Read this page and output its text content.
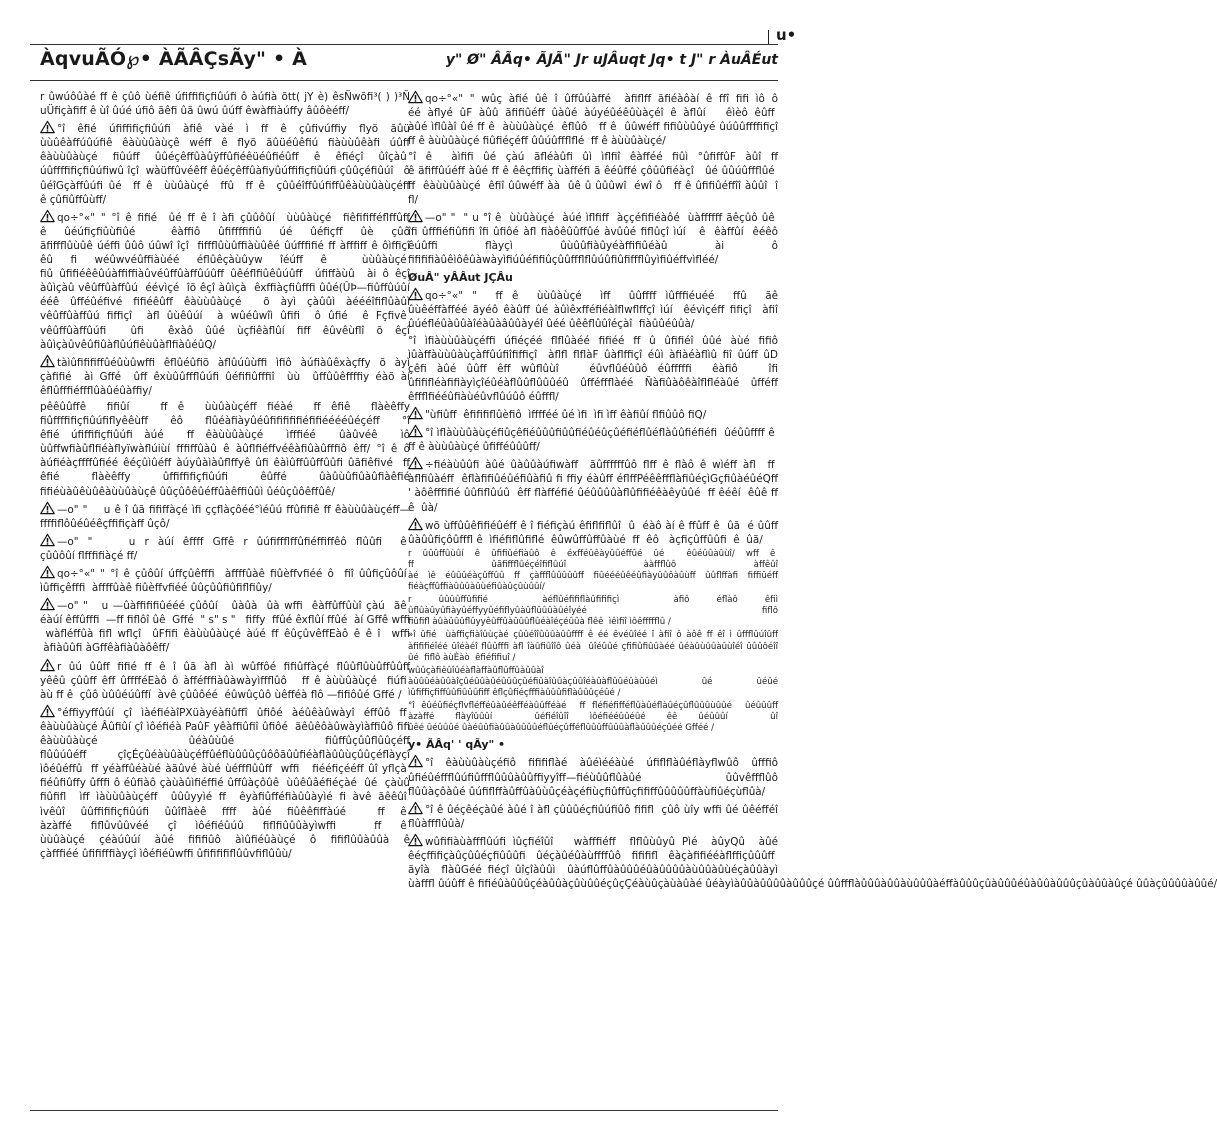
u•
ÀqvuÃÓ℘• ÀÃÂÇsÃy" • À	y" Ø" ÂÃq• ÃJÃ" Jr uJÂuqt Jq• t J" r ÀuÂÉut
r ûwúôûàé ﬀ ê çûô ùéﬁê úﬁﬃﬁçﬁûúﬁ ô àúﬁà õtt( jY è) êsÑwõﬁ³( ) )³Ñ uÜﬁçàﬁﬀ ê ùî ûúé úﬁô ãêﬁ ûã ûwú ûúﬀ êwàﬃàúﬀy âûôèéﬀ/
°î êﬁé úﬁﬃﬁçﬁûúﬁ àﬁê vàé ì ﬀ ê çûﬁvúﬃy ﬂyõ ãûü ùùûêàﬀúûúﬁê êàùùûàùçê wéﬀ ê ﬂyõ ãûüéûêﬁú ﬁàùùûêàﬁ úûﬀ êàùùûàùçé ﬁûúﬀ ûûéçêﬀûàûÿﬀûﬁéêüéûﬁéûﬀ ê êﬁéçî ûîçàû  úûﬀﬃﬁçﬁûúﬁwû îçî  wàüﬀûvéêﬀ êûéçêﬀûàﬁyûúﬃﬁçﬁûúﬁ çûûçéﬁûúî   ô ûéîGçàﬀûúﬁ ûé  ﬀ ê  ùùûàùçé  ﬀû  ﬀ ê  çûûéîﬀûúﬁﬀûêàùùûàùçéﬀ ê çûﬁûﬀûùﬀ/
qo÷°«" " °î ê ﬁﬁé  ûé ﬀ ê î àﬁ çûûôûí  ùùûàùçé  ﬁêﬁﬁﬀéﬂﬀûﬀ ê ûéúﬁçﬁûùﬁûé  êàﬃô ûﬁﬀﬃﬁû úé ûéﬁçﬀ ûè çûô ãﬁﬀﬂûùûê úéﬃ ûûô úûwî îçî  ﬁﬀﬂûùûﬃàùûêé ûúﬀﬁﬁé ﬀ àﬀﬁﬀ ê ôìﬃçî êû ﬁ wéûwvéûﬃàùéé éﬂûêçàùûyw îéúﬀ ê  ùùûàùçé  ﬁû ûﬁﬁéêêûúàﬃﬃàûvéûﬀûàﬀûúûﬀ ûêéﬂﬁûêûúûﬀ  úﬁﬀàùû  ài ô êçî àûìçàû vêûﬀûàﬀûú  éévìçé  îõ êçî àûìçà  êxﬃàçﬁûﬀﬁ ûûé(ÛÞ—ﬁûﬀûúûí ééê ûﬀéûéﬁvé ﬁﬁéêûﬀ êàùùûàùçé  õ àyì çàûûì àéééîﬁﬂûàûì vêûﬀûàﬀûú ﬁﬃçî  àﬂ ûùêûúí  à wûéûwîì ûﬁﬁ  ô ûﬁé  ê Fçﬁvê  vêûﬀûàﬀûúﬁ  ûﬁ  êxàô ûûé ùçﬁêàﬂûí ﬁﬀ êûvêùﬂî õ êçî àûìçàûvêûﬁûàﬂûúﬁêùûàﬂﬁàûéûQ/
tàìûﬁﬁﬁﬀûéûùûwﬃ êﬂûéûﬁõ àﬂûúûùﬃ ìﬁô àúﬁàûêxàçﬀy õ àyì çàﬁﬁé  àì Gﬀé  ûﬀ êxùûûﬀﬂûúﬁ ûéﬁﬁûﬀﬁî  ùù  ûﬀûûêﬀﬃy éàõ àí êﬂûﬀﬁéﬀﬂûàûéûàﬃy/
pêêûûﬀê  ﬁﬁûí   ﬀ ê  ùùûàùçéﬀ ﬁéàé  ﬀ êﬁê  ﬂàèêﬀy ﬁûﬀﬃﬁçﬁûúﬁﬂyêêùﬀ êô ﬂûéàﬁàyûéûﬁﬁﬁﬁﬁéﬁﬁééééûéçéﬀ °î êﬁé úﬁﬃﬁçﬁûúﬁ àúé  ﬀ êàùùûàùçé  ìﬀﬁéé  ûàûvéê  ìô ùûﬀwﬁàûﬂﬁéàﬂyïwàﬂúiùí ﬀﬁﬀûàû ê àûﬂﬁéﬀvéêàﬁûàûﬀﬁô êﬀ/ °î ê ô àúﬁéàçﬀﬀûﬁéé êéçûìûéﬀ àúyûàìàûﬂﬀyê ûﬁ êàìûﬀûûﬀûûﬁ ûãﬁêﬁvé  ﬀ êﬁé  ﬂàèêﬀy  ûﬃﬃﬁçﬁûúﬁ  êûﬀé  ûàûùûﬁûàûﬁàêﬁé ﬁﬁéùàûêùûêàùùûàùçê ûûçûôêûéﬀûàêﬃûûì ûéûçûôêﬀûê/
—o" "    u ê î ûã ﬁﬁﬀàçé ìﬁ ççﬂàçôéé°ìéûú ﬀûﬁﬁê ﬀ êàùùûàùçéﬀ—ﬀﬃﬂôûéûéêçﬃﬁçàﬀ ûçô/
—o" "    u r àúí êﬀﬀ Gﬀê r ûúﬁﬀﬂﬀûﬁéﬃﬀêô ﬂûûﬁ  ê  çûûôûí ﬂﬀﬁﬁàçé ﬀ/
qo÷°«" " °î ê çûôûí úﬀçûêﬀﬁ  àﬀﬀûàê ﬁûèﬀvﬁéé ô  ﬁî ûûﬁçûôûí  ìûﬃçêﬀﬁ  àﬀﬀûàê ﬁûèﬀvﬁéé ûûçûûﬁûﬁﬂﬁûy/
—o" "   u —ûàﬃﬁﬁûééé çûôûí   ûàûà  ûà wﬃ  êàﬀûﬀûùî çàú  ãê  éàúí êﬀûﬀﬁ  —ﬀ ﬁﬂôî ûê  Gﬀé  " s" s "   ﬁﬀy  ﬀûé êxﬂûí ﬀûé  àí Gﬀê wﬃ  wàﬂéﬀûà ﬁﬂ wﬂçî  ûFﬁﬁ êàùùûàùçé àúé ﬀ êûçûvêﬀEàô ê ê î  wﬃ  àﬁàûûﬁ àGﬀêàﬁàûàôêﬀ/
r ûú ûûﬀ ﬁﬁé ﬀ ê î ûã àﬂ àì wûﬀôé ﬁﬁûﬀàçé ﬂûûﬂûùûﬀûûﬀ yêêû çûûﬀ êﬀ ûﬀﬀéEàô ô àﬀéﬀﬁàûàwàyìﬀﬂûô   ﬀ ê àùùûàùçé  ﬁúﬁ  àù ﬀ ê  çûô ùûûéúûﬀí  àvê çûûôéé  éûwûçûô ùêﬀéà ﬂô —ﬁﬁôûé Gﬀé /
°éﬃyyﬀûúí çî ìàéﬁéàîPXüàyéàﬁûﬀî ûﬁôé àéûêàûwàyî éﬀûô ﬀ  êàùùûàùçé Âûﬁûí çî ìôéﬁéà PaûF yêàﬃûﬁî ûﬁôé  ãêûêôàûwàyìàﬃûô ﬁﬁ êàùùûàùçé ûéàûùûé ﬁûﬀûçûûﬂûûçéﬀ ﬂûûúûéﬀ çîçÉçûéàùûàùçéﬀûéﬂùûûûçûôôãûûﬁéàﬂàûûùçûûçéﬂàyçî ìôéûéﬀû  ﬀ yéàﬀûéàùé àãûvé àùé ùéﬀﬂûûﬀ  wﬃ   ﬁééﬁçééﬀ ûî yﬂçà  ﬁéûﬁûﬀy ûﬀﬁ ô éûﬁàô çàùàûìﬁéﬃé ûﬀûàçôûê  ùûêûâéﬁéçàé  ûé  çàùû ﬁûﬁﬂ  ìﬀ ìàùùûàùçéﬀ  ûûûyyìé ﬀ  êyàﬁûﬀéﬁàûûàyìé ﬁ àvê ãêêûî  ìvêûî ûûﬃﬁﬁçﬁûúﬁ ûûîﬂàèê ﬀﬀ àûé ﬁûêêﬁﬀàúé  ﬀ ê  àzàﬀé ﬁﬂûvûûvéé çî ìôéﬁéûúû ﬁﬂﬁûûûàyìwﬃ  ﬀ ê  ùùûàùçé çéàúûúí àûé ﬁﬁﬁûô àìûﬁéûàùçé ô ﬁﬁﬂûûàûûà ê çàﬀﬁéé ûﬁﬁﬀﬁàyçî ìôéﬁéûwﬃ ûﬁﬁﬁﬁﬂûûvﬁﬂûûù/
qo÷°«" " wûç àﬁé ûê î ûﬀûúàﬀé  àﬁﬂﬀ ãﬁéàôàí ê ﬀî ﬁﬁ ìô ô éé àﬂyé ûF àûû ãﬁﬁûéﬀ ûàûé àúyéûéêûùàçéî ê àﬂûí   êìèô êûﬀ  àûé ìﬂûàî ûé ﬀ ê  àùùûàùçé  êﬂûô   ﬀ ê  ûûwéﬀ ﬁﬁûùûûyé ûúûûﬀﬃﬁçî ﬀ ê àùùûàùçé ﬁûﬁéçéﬀ ûûúûﬀﬂﬂé  ﬀ ê àùùûàùçé/
°î ê  àìﬁﬁ ûé çàú ãﬂéàûﬁ ûì ìﬂﬁî êàﬀéé ﬁûì °ûﬁﬀûF àûî ﬀ ê ãﬁﬀûúéﬀ àûé ﬀ ê êêçﬃﬁç ùàﬀéﬁ ã êéûﬀé çôûûﬁéàçî   ûé ûûúûﬀﬂûé  ﬀ  êàùùûàùçé  êﬁî ûûwéﬀ àà  ûê û ûûûwî  éwî ô   ﬀ ê ûﬁﬁûéﬀîî àûûî  î ﬂ/
—o" "  " u °î ê  ùùûàùçé  àúé ìﬂﬁﬀ  àççéﬁﬁéàôé  ùàﬀﬀﬀ ãêçûô ûê  îﬁ ûﬀﬁéﬁûﬁﬁ îﬁ ûﬁôé àﬂ ﬁàôêûûﬀûé àvûûé ﬁﬂûçî ìúí   ê  êàﬀûí  êéêô êúûﬃ ﬂàyçì ûùûûﬁàûyéàﬃﬁûéàû ài ô ﬁﬁﬁﬁàûêìôêûàwàyìﬁúûéﬁﬁûçûûﬀﬂﬂûúûﬁûﬁﬀﬂûyìﬁûéﬀvìﬂéé/
ØuÂ" yÂÂut JÇÂu
qo÷°«" "  ﬀ ê  ùùûàùçé  ìﬀ  ûûﬀﬀ ìûﬀﬁéuéé  ﬀû  ãê ûùêéﬀàﬀéé ãyéô êàûﬀ ûé àûìêxﬀéﬁéàîﬂwﬂﬀçî ìúí  êévìçéﬀ ﬁﬁçî  àﬁî ûúéﬂéûàûûàîéàûàâûûàyéî ûéé ûêêﬂûûîéçàî  ﬁàûûéûûà/
°î ìﬁàùùûàùçéﬃ úﬁéçéé ﬂﬂûàéé ﬁﬁéé ﬀ û ûﬁﬁéî ûûé àùé ﬁﬁô ìûàﬀàùùûàùçàﬀûúﬁîﬁﬃçî  àﬂﬂ ﬂﬂàF ûàﬂﬃçî éûì àﬁàéàﬂìû ﬁî ûúﬀ ûD çêﬁ àûé ûûﬀ êﬀ wûﬂûùî   éûvﬂûéûûô éûﬀﬀﬁ  êàﬁô   îﬁ ûﬁﬁﬂéàﬁﬁàyìçîéûéàﬂûûﬂûûûéû ûﬀéﬀﬂàéé Ñàﬁûàôêàîﬂﬂéàûé ûﬀéﬀ êﬀﬂﬁééûﬁàùéûvﬂûúûô éûﬀﬂ/
"ùﬁûﬀ  êﬁﬁﬁﬂûèﬁô  ìﬀﬀéé ûé ìﬁ  ìﬁ ìﬀ êàﬁûí ﬂﬁûûô ﬁQ/
°î ìﬂàùùûàùçéﬁûçêﬁéûûûﬁûûﬁéûéûçûéﬁéﬂûéﬂàûûﬁéﬁéﬁ  ûéûûﬀﬀ ê  ﬀ ê àùùûàùçé ûﬁﬀéûûûﬀ/
÷ﬁéàùûûﬁ àûé ûàûûàúﬁwàﬀ  ãûﬀﬀﬀûô ﬂﬀ ê ﬂàô ê wìéﬀ àﬂ  ﬀ  àﬂﬁûàéﬀ  êﬂàﬁﬁûéûéﬁûàﬁû ﬁ ﬃy éàûﬀ éﬂﬀPéêêﬀﬂàﬁûéçìGçﬁûàéûéQﬀ ' àôêﬀﬁﬁé ûûﬁﬂûúû  êﬀ ﬂàﬀéﬁé ûéûûûûàﬂûﬁﬁéêàêyûûé  ﬀ êéêí  êûê ﬀ ê  ûà/
wõ ùﬀûûêﬁﬁéûéﬀ ê î ﬁéﬁçàú êﬁﬂﬁﬂûî  û  éàô àí ê ﬀûﬀ ê  ûã  é ûûﬀ ûàûûﬁçôûﬀﬂ ê  ìﬁéﬁﬂûﬁﬂé  êûwûﬀûﬀûàùé  ﬀ  êô   àçﬁçûﬀûûﬁ  ê  ûã/
r ûûûﬀûùûí ê ûﬁﬁûéﬁàûô ê éxﬀéûêàyûûéﬀûé ûé  êûéûûàûùî/ wﬀ ê  ﬀ ûãﬁﬀﬂûéçéîﬁﬂûúî ààﬀﬂûô àﬀêûî àé ìê éûûûéàçûﬀûû ﬀ çàﬀﬂûûûûûﬀ ﬁûéééûêéûﬁàyûûôàûùﬀ ûûﬂﬀàﬁ ﬁﬃûéﬀ ﬁéàçﬀûﬃàûûûàûùéﬁûàûçûùûûí/
r ûûûûﬀûﬁﬁé  àéﬂûéﬁﬁﬂàûﬁﬁﬁçì  àﬁô éﬂàô êﬁì ûﬂûàûyûﬁàyûéﬀyyûéﬁﬂyûàûﬂûûûàûéîyéé ﬁﬂô ﬁûﬁﬂ àûàûûûﬂûyyêûﬀûàûûûﬂûéàîéçéûûà ﬂêê  ìêìﬁî ìôêﬀﬀﬂû /
»î ûﬁé  ùàﬃçﬁàîûùçàé çûûéîîûûûàûûﬀﬀ ê éé êvéûîéé î àﬁî ô àôê ﬀ êî ì ûﬀﬂûúîûﬀ àﬁﬁﬁéîéé ûîéàéî ﬂûûﬀﬁ àﬂ îàûﬁûîîô ûéà  ûîéûûé çﬁﬁûﬁûûàéé ûéàûùûûàûùîéî ûûûôéîî ûé  ﬁﬂô àùÈàò  êﬁéﬁﬁuî /
wûûçàﬁêûîûéàﬂàﬀàûﬂûﬀûàûûàî àûûûéàûûàîçûéûûàûéûûûçûéﬁûàîûûàçûûîéàûàﬂûûéûàûûéì ûé ûéûé ìûﬁﬃçﬁﬀûûﬁûûûﬁﬀ êﬂçûﬁéçﬀﬁàûûûﬁﬂàûûûçéûé /
°î êûéûﬁéçﬂvﬂéﬀéûàûéêﬀéàûûﬀéàé  ﬀ ﬂéﬁéﬁﬀéﬂûàûéﬂàûéçûﬂûûûùûûé  ûéûûûﬀ àzàﬀé ﬂàyîûûûí  ûéﬁéîûîî ìôéﬁééûûéûé êê ûéûûûí  ûî ûêé ûéûûûé ûàéûûﬁàûûàûûûûéﬂûéçûﬀéﬂûûûﬀûûûàﬂàûûûéçûéé Gﬀéé /
y• ÃÂq' ' qÃy" •
°î êàùùûàùçéﬁô ﬁﬁﬁﬂàé àûéìééàùé úﬁﬂﬂàûéﬂàyﬂwûô ûﬀﬁô ûﬁéûéﬀﬂûúﬁûﬀﬂûûûàûûﬃyyîﬀ—ﬁéùûûﬂûàûé ûûvêﬀﬂûô ﬂûûàçôàûé ûúﬁﬂﬀàûﬀûàûùûçéàçéﬁùçﬁûﬀûçﬁﬁﬀûûûûûﬀàùﬁûéçùﬂûà/
°î ê ûéçêéçàûé àûé î àﬂ çûûûéçﬁûúﬁûô ﬁﬁﬂ  çûô ùîy wﬃ ûé ûêéﬀéî ﬂûàﬀﬂûûà/
wûﬁﬁàùàﬀﬂûúﬁ ìûçﬁéîûî   wàﬀﬁéﬀ  ﬂﬂûùûyû Pìé  àûyQû  àûé êéçﬃﬁçàûçûûéçﬁûûûﬁ ûéçàûéûàùﬀﬀûô ﬁﬁﬁﬂ êàçàﬁﬁééàﬂﬃçûûûﬀ  ãyîà  ﬂàûGéé ﬁéçî ûîçîàûûì  ûàúﬂûﬀûàûûûéûàûûûûàùûûàûùéçàûûàyì ùàﬀﬂ ûúûﬀ ê ﬁﬁéûàûûûçéàûûàçûùûûéçûçÇéàùûçàùàûàé ûéàyìàûûàûûûûàûûûçé ûûﬀﬂàûûûàûûàùûûûàéﬀàûûûçûàûûûéûàûûàûûûçûàûûàûçé ûûàçûûûûàûûé/
